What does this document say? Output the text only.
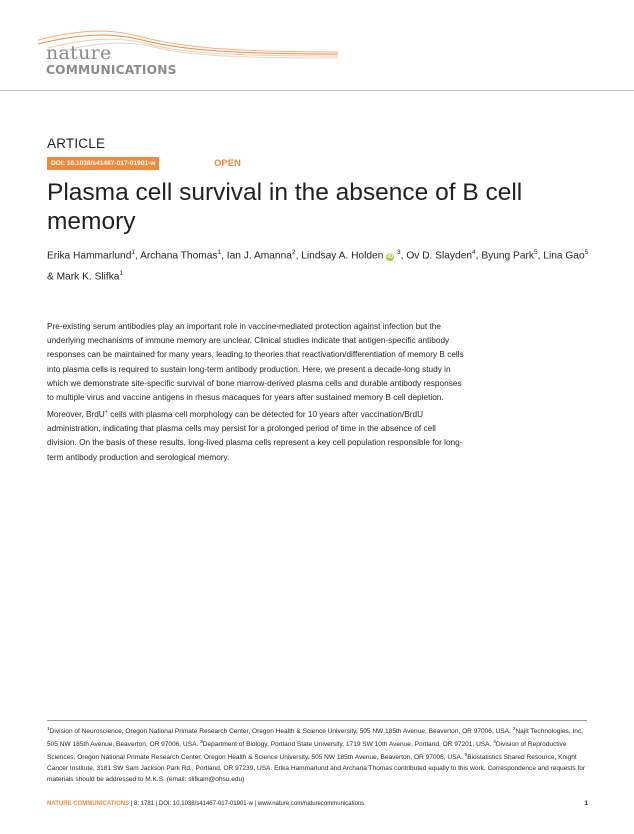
nature
COMMUNICATIONS
ARTICLE
DOI: 10.1038/s41467-017-01901-w	OPEN
Plasma cell survival in the absence of B cell memory
Erika Hammarlund$^1$, Archana Thomas$^1$, Ian J. Amanna$^2$, Lindsay A. Holden iD $^3$, Ov D. Slayden$^4$, Byung Park$^5$, Lina Gao$^5$ & Mark K. Slifka$^1$

Pre-existing serum antibodies play an important role in vaccine-mediated protection against infection but the underlying mechanisms of immune memory are unclear. Clinical studies indicate that antigen-specific antibody responses can be maintained for many years, leading to theories that reactivation/differentiation of memory B cells into plasma cells is required to sustain long-term antibody production. Here, we present a decade-long study in which we demonstrate site-specific survival of bone marrow-derived plasma cells and durable antibody responses to multiple virus and vaccine antigens in rhesus macaques for years after sustained memory B cell depletion. Moreover, BrdU+ cells with plasma cell morphology can be detected for 10 years after vaccination/BrdU administration, indicating that plasma cells may persist for a prolonged period of time in the absence of cell division. On the basis of these results, long-lived plasma cells represent a key cell population responsible for long-term antibody production and serological memory.

$^1$Division of Neuroscience, Oregon National Primate Research Center, Oregon Health & Science University, 505 NW 185th Avenue, Beaverton, OR 97006, USA. $^2$Najít Technologies, Inc, 505 NW 185th Avenue, Beaverton, OR 97006, USA. $^3$Department of Biology, Portland State University, 1719 SW 10th Avenue, Portland, OR 97201, USA. $^4$Division of Reproductive Sciences, Oregon National Primate Research Center, Oregon Health & Science University, 505 NW 185th Avenue, Beaverton, OR 97006, USA. $^5$Biostatistics Shared Resource, Knight Cancer Institute, 3181 SW Sam Jackson Park Rd., Portland, OR 97239, USA. Erika Hammarlund and Archana Thomas contributed equally to this work. Correspondence and requests for materials should be addressed to M.K.S. (email: slifkam@ohsu.edu)
NATURE COMMUNICATIONS | 8: 1781 | DOI: 10.1038/s41467-017-01901-w | www.nature.com/naturecommunications	1
